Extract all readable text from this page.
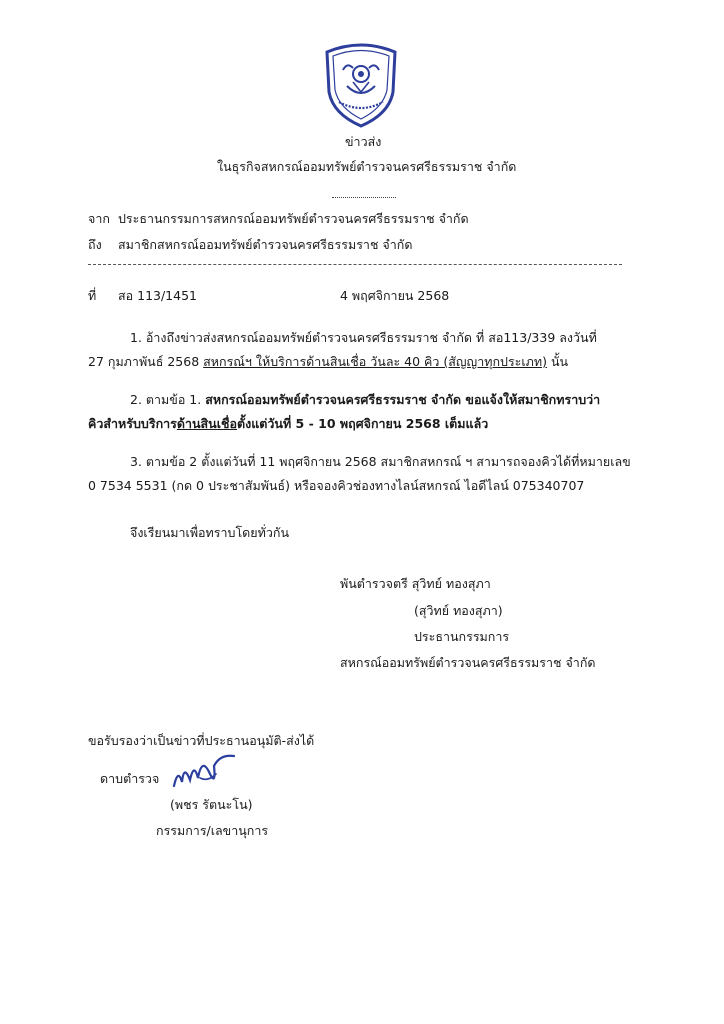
ข่าวส่ง
ในธุรกิจสหกรณ์ออมทรัพย์ตำรวจนครศรีธรรมราช จำกัด
จาก ประธานกรรมการสหกรณ์ออมทรัพย์ตำรวจนครศรีธรรมราช จำกัด
ถึง สมาชิกสหกรณ์ออมทรัพย์ตำรวจนครศรีธรรมราช จำกัด
ที่ สอ 113/1451	4 พฤศจิกายน 2568
1. อ้างถึงข่าวส่งสหกรณ์ออมทรัพย์ตำรวจนครศรีธรรมราช จำกัด ที่ สอ113/339 ลงวันที่
27 กุมภาพันธ์ 2568 สหกรณ์ฯ ให้บริการด้านสินเชื่อ วันละ 40 คิว (สัญญาทุกประเภท) นั้น
2. ตามข้อ 1. สหกรณ์ออมทรัพย์ตำรวจนครศรีธรรมราช จำกัด ขอแจ้งให้สมาชิกทราบว่า
คิวสำหรับบริการด้านสินเชื่อตั้งแต่วันที่ 5 - 10 พฤศจิกายน 2568 เต็มแล้ว
3. ตามข้อ 2 ตั้งแต่วันที่ 11 พฤศจิกายน 2568 สมาชิกสหกรณ์ ฯ สามารถจองคิวได้ที่หมายเลข
0 7534 5531 (กด 0 ประชาสัมพันธ์) หรือจองคิวช่องทางไลน์สหกรณ์ ไอดีไลน์ 075340707
จึงเรียนมาเพื่อทราบโดยทั่วกัน
พันตำรวจตรี สุวิทย์ ทองสุภา
(สุวิทย์ ทองสุภา)
ประธานกรรมการ
สหกรณ์ออมทรัพย์ตำรวจนครศรีธรรมราช จำกัด
ขอรับรองว่าเป็นข่าวที่ประธานอนุมัติ-ส่งได้
ดาบตำรวจ
(พชร รัตนะโน)
กรรมการ/เลขานุการ
